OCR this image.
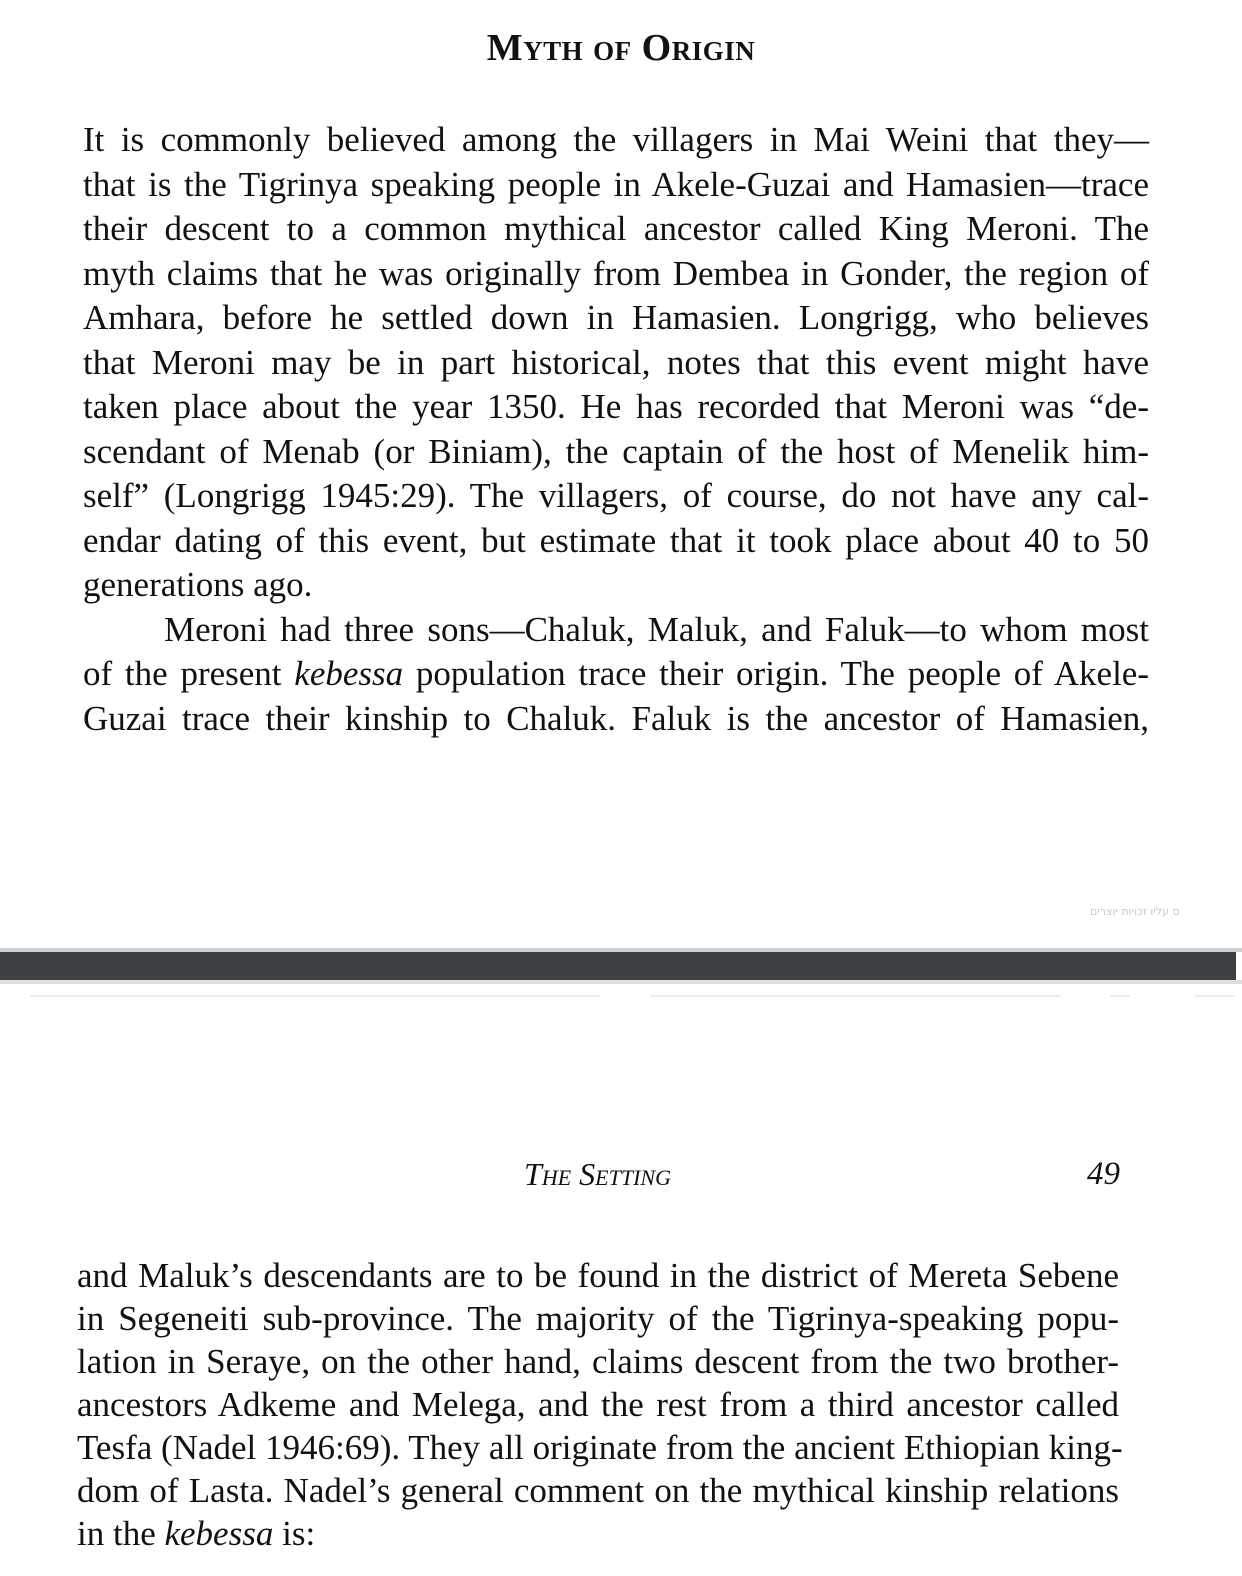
Myth of Origin
It is commonly believed among the villagers in Mai Weini that they—
that is the Tigrinya speaking people in Akele-Guzai and Hamasien—trace
their descent to a common mythical ancestor called King Meroni. The
myth claims that he was originally from Dembea in Gonder, the region of
Amhara, before he settled down in Hamasien. Longrigg, who believes
that Meroni may be in part historical, notes that this event might have
taken place about the year 1350. He has recorded that Meroni was “de-
scendant of Menab (or Biniam), the captain of the host of Menelik him-
self” (Longrigg 1945:29). The villagers, of course, do not have any cal-
endar dating of this event, but estimate that it took place about 40 to 50
generations ago.
Meroni had three sons—Chaluk, Maluk, and Faluk—to whom most
of the present kebessa population trace their origin. The people of Akele-
Guzai trace their kinship to Chaluk. Faluk is the ancestor of Hamasien,
ס עליו זכויות יוצרים
The Setting	49
and Maluk’s descendants are to be found in the district of Mereta Sebene
in Segeneiti sub-province. The majority of the Tigrinya-speaking popu-
lation in Seraye, on the other hand, claims descent from the two brother-
ancestors Adkeme and Melega, and the rest from a third ancestor called
Tesfa (Nadel 1946:69). They all originate from the ancient Ethiopian king-
dom of Lasta. Nadel’s general comment on the mythical kinship relations
in the kebessa is:
